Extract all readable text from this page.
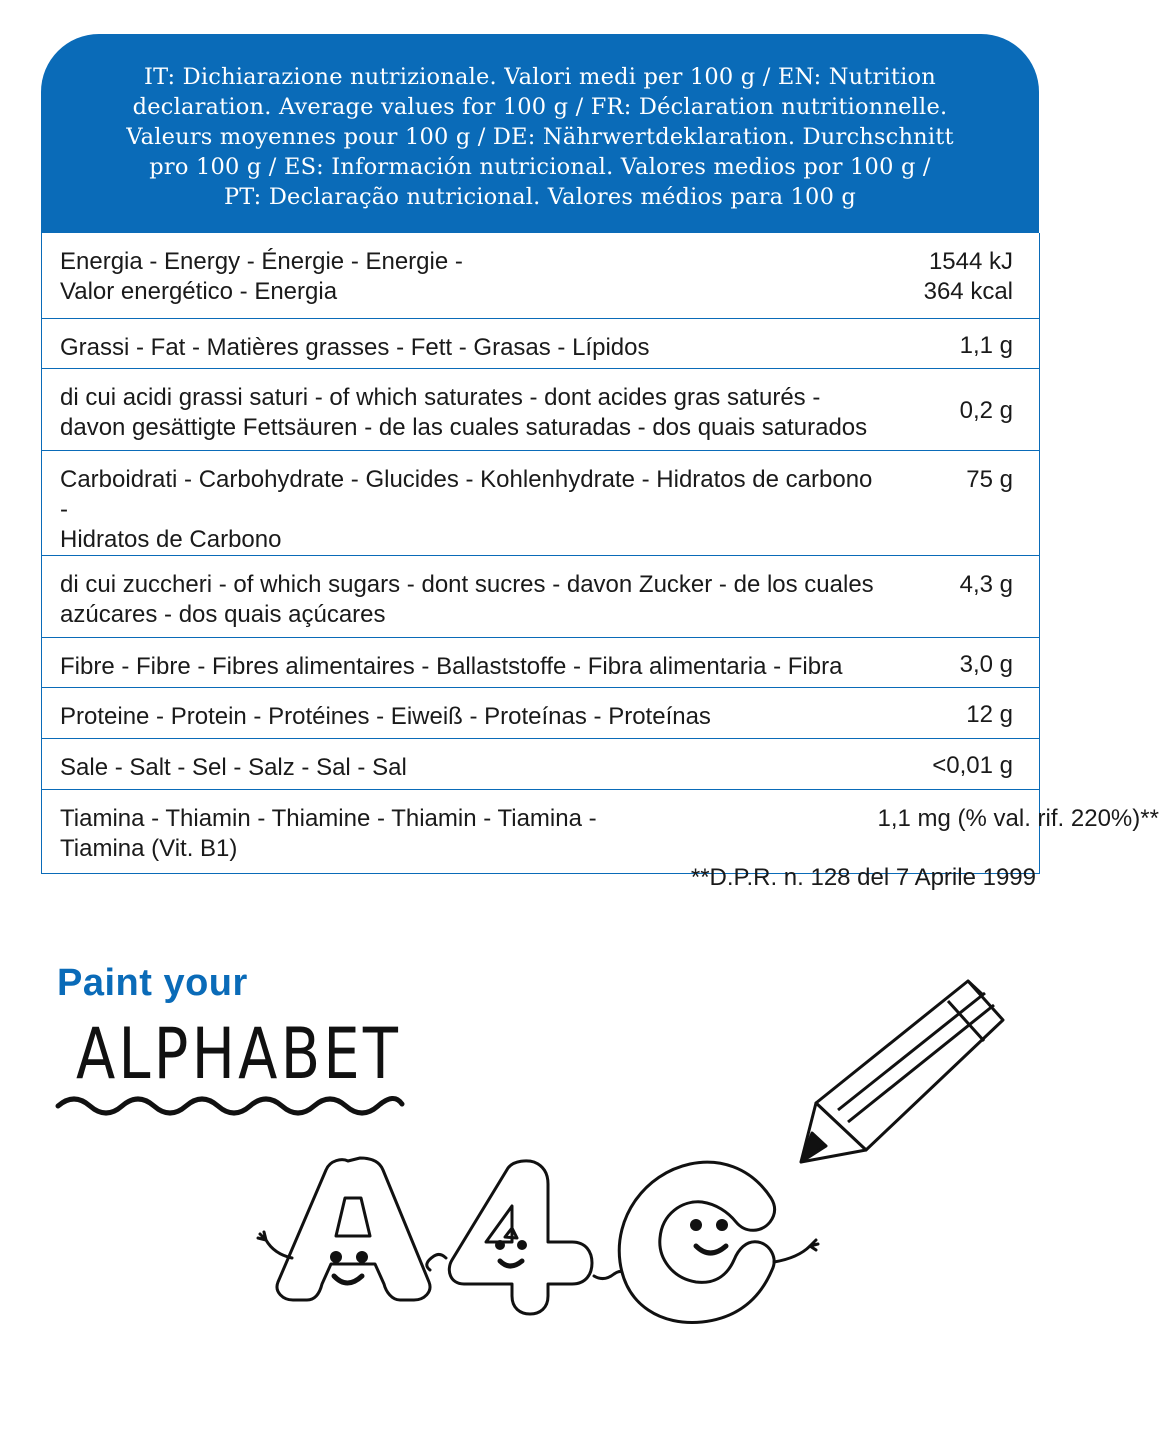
IT: Dichiarazione nutrizionale. Valori medi per 100 g / EN: Nutrition
declaration. Average values for 100 g / FR: Déclaration nutritionnelle.
Valeurs moyennes pour 100 g / DE: Nährwertdeklaration. Durchschnitt
pro 100 g / ES: Información nutricional. Valores medios por 100 g /
PT: Declaração nutricional. Valores médios para 100 g
Energia - Energy - Énergie - Energie -
Valor energético - Energia	1544 kJ
364 kcal

Grassi - Fat - Matières grasses - Fett - Grasas - Lípidos	1,1 g

di cui acidi grassi saturi - of which saturates - dont acides gras saturés -
davon gesättigte Fettsäuren - de las cuales saturadas - dos quais saturados	0,2 g

Carboidrati - Carbohydrate - Glucides - Kohlenhydrate - Hidratos de carbono -
Hidratos de Carbono	75 g

di cui zuccheri - of which sugars - dont sucres - davon Zucker - de los cuales
azúcares - dos quais açúcares	4,3 g

Fibre - Fibre - Fibres alimentaires - Ballaststoffe - Fibra alimentaria - Fibra	3,0 g

Proteine - Protein - Protéines - Eiweiß - Proteínas - Proteínas	12 g

Sale - Salt - Sel - Salz - Sal - Sal	<0,01 g

Tiamina - Thiamin - Thiamine - Thiamin - Tiamina -
Tiamina (Vit. B1)	1,1 mg (% val. rif. 220%)**
**D.P.R. n. 128 del 7 Aprile 1999
Paint your
ALPHABET
